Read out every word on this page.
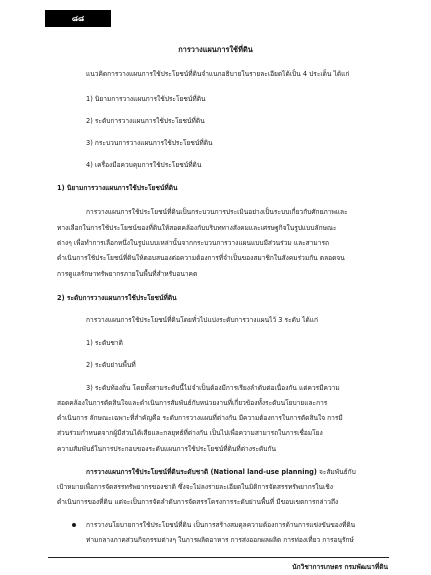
๘๘
การวางแผนการใช้ที่ดิน
แนวคิดการวางแผนการใช้ประโยชน์ที่ดินจำแนกอธิบายในรายละเอียดได้เป็น 4 ประเด็น ได้แก่
1) นิยามการวางแผนการใช้ประโยชน์ที่ดิน
2) ระดับการวางแผนการใช้ประโยชน์ที่ดิน
3) กระบวนการวางแผนการใช้ประโยชน์ที่ดิน
4) เครื่องมือควบคุมการใช้ประโยชน์ที่ดิน
1) นิยามการวางแผนการใช้ประโยชน์ที่ดิน
การวางแผนการใช้ประโยชน์ที่ดินเป็นกระบวนการประเมินอย่างเป็นระบบเกี่ยวกับศักยภาพและ
ทางเลือกในการใช้ประโยชน์ของที่ดินให้สอดคล้องกับบริบททางสังคมและเศรษฐกิจในรูปแบบลักษณะ
ต่างๆ เพื่อทำการเลือกหนึ่งในรูปแบบเหล่านั้นจากกระบวนการวางแผนแบบมีส่วนร่วม และสามารถ
ดำเนินการใช้ประโยชน์ที่ดินให้ตอบสนองต่อความต้องการที่จำเป็นของสมาชิกในสังคมร่วมกัน ตลอดจน
การดูแลรักษาทรัพยากรภายในพื้นที่สำหรับอนาคต
2) ระดับการวางแผนการใช้ประโยชน์ที่ดิน
การวางแผนการใช้ประโยชน์ที่ดินโดยทั่วไปแบ่งระดับการวางแผนไว้ 3 ระดับ ได้แก่
1) ระดับชาติ
2) ระดับย่านพื้นที่
3) ระดับท้องถิ่น โดยทั้งสามระดับนี้ไม่จำเป็นต้องมีการเรียงลำดับต่อเนื่องกัน แต่ควรมีความ
สอดคล้องในการตัดสินใจและดำเนินการสัมพันธ์กับหน่วยงานที่เกี่ยวข้องทั้งระดับนโยบายและการ
ดำเนินการ ลักษณะเฉพาะที่สำคัญคือ ระดับการวางแผนที่ต่างกัน มีความต้องการในการตัดสินใจ การมี
ส่วนร่วมกำหนดจากผู้มีส่วนได้เสียและกลยุทธ์ที่ต่างกัน เป็นไปเพื่อความสามารถในการเชื่อมโยง
ความสัมพันธ์ในการประกอบของระดับแผนการใช้ประโยชน์ที่ดินที่ต่างระดับกัน
การวางแผนการใช้ประโยชน์ที่ดินระดับชาติ (National land-use planning) จะสัมพันธ์กับ
เป้าหมายเพื่อการจัดสรรทรัพยากรของชาติ ซึ่งจะไม่ลงรายละเอียดในมิติการจัดสรรทรัพยากรในเชิง
ดำเนินการของที่ดิน แต่จะเป็นการจัดลำดับการจัดสรรโครงการระดับย่านพื้นที่ มีขอบเขตการกล่าวถึง
การวางนโยบายการใช้ประโยชน์ที่ดิน เป็นการสร้างสมดุลความต้องการด้านการแข่งขันของที่ดิน
ท่ามกลางภาคส่วนกิจกรรมต่างๆ ในการผลิตอาหาร การส่งออกผลผลิต การท่องเที่ยว การอนุรักษ์
นักวิชาการเกษตร กรมพัฒนาที่ดิน
